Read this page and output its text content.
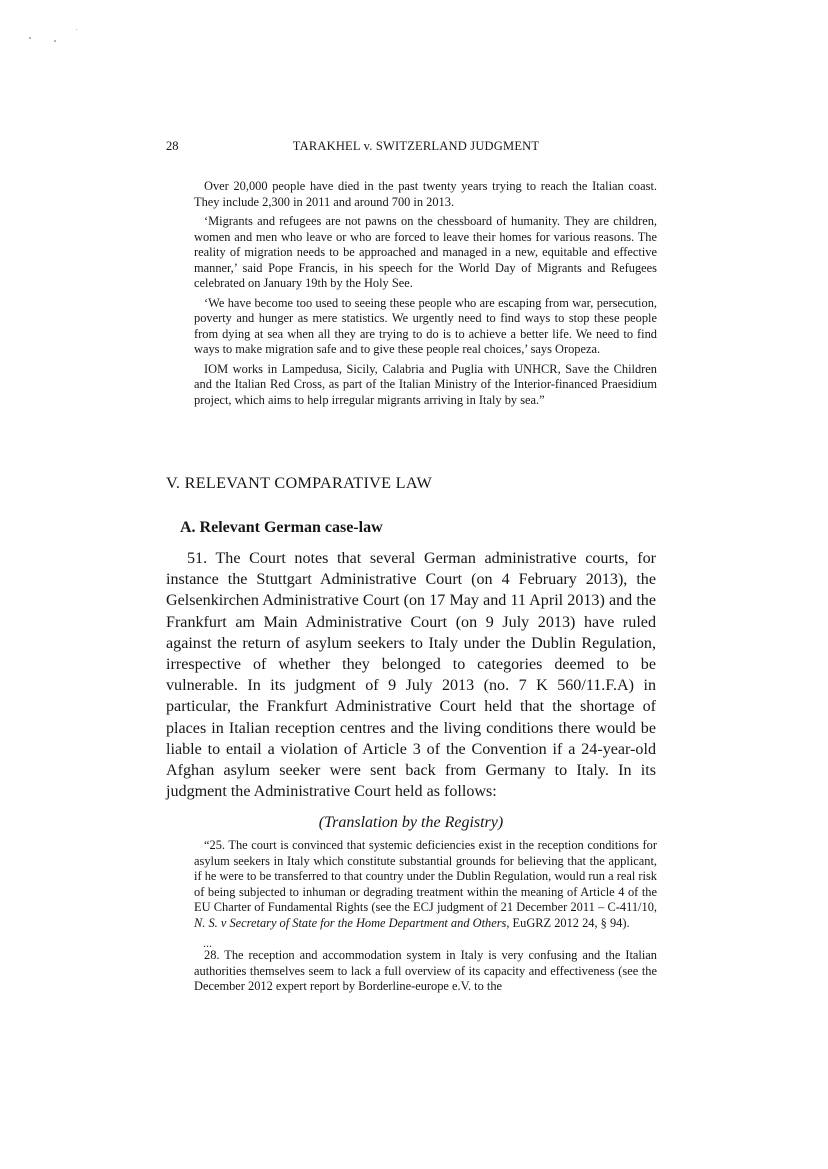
28	TARAKHEL v. SWITZERLAND JUDGMENT

Over 20,000 people have died in the past twenty years trying to reach the Italian coast. They include 2,300 in 2011 and around 700 in 2013.

‘Migrants and refugees are not pawns on the chessboard of humanity. They are children, women and men who leave or who are forced to leave their homes for various reasons. The reality of migration needs to be approached and managed in a new, equitable and effective manner,’ said Pope Francis, in his speech for the World Day of Migrants and Refugees celebrated on January 19th by the Holy See.

‘We have become too used to seeing these people who are escaping from war, persecution, poverty and hunger as mere statistics. We urgently need to find ways to stop these people from dying at sea when all they are trying to do is to achieve a better life. We need to find ways to make migration safe and to give these people real choices,’ says Oropeza.

IOM works in Lampedusa, Sicily, Calabria and Puglia with UNHCR, Save the Children and the Italian Red Cross, as part of the Italian Ministry of the Interior-financed Praesidium project, which aims to help irregular migrants arriving in Italy by sea.”

V. RELEVANT COMPARATIVE LAW
A. Relevant German case-law

51. The Court notes that several German administrative courts, for instance the Stuttgart Administrative Court (on 4 February 2013), the Gelsenkirchen Administrative Court (on 17 May and 11 April 2013) and the Frankfurt am Main Administrative Court (on 9 July 2013) have ruled against the return of asylum seekers to Italy under the Dublin Regulation, irrespective of whether they belonged to categories deemed to be vulnerable. In its judgment of 9 July 2013 (no. 7 K 560/11.F.A) in particular, the Frankfurt Administrative Court held that the shortage of places in Italian reception centres and the living conditions there would be liable to entail a violation of Article 3 of the Convention if a 24-year-old Afghan asylum seeker were sent back from Germany to Italy. In its judgment the Administrative Court held as follows:

(Translation by the Registry)

“25. The court is convinced that systemic deficiencies exist in the reception conditions for asylum seekers in Italy which constitute substantial grounds for believing that the applicant, if he were to be transferred to that country under the Dublin Regulation, would run a real risk of being subjected to inhuman or degrading treatment within the meaning of Article 4 of the EU Charter of Fundamental Rights (see the ECJ judgment of 21 December 2011 – C-411/10, N. S. v Secretary of State for the Home Department and Others, EuGRZ 2012 24, § 94).

...

28. The reception and accommodation system in Italy is very confusing and the Italian authorities themselves seem to lack a full overview of its capacity and effectiveness (see the December 2012 expert report by Borderline-europe e.V. to the
